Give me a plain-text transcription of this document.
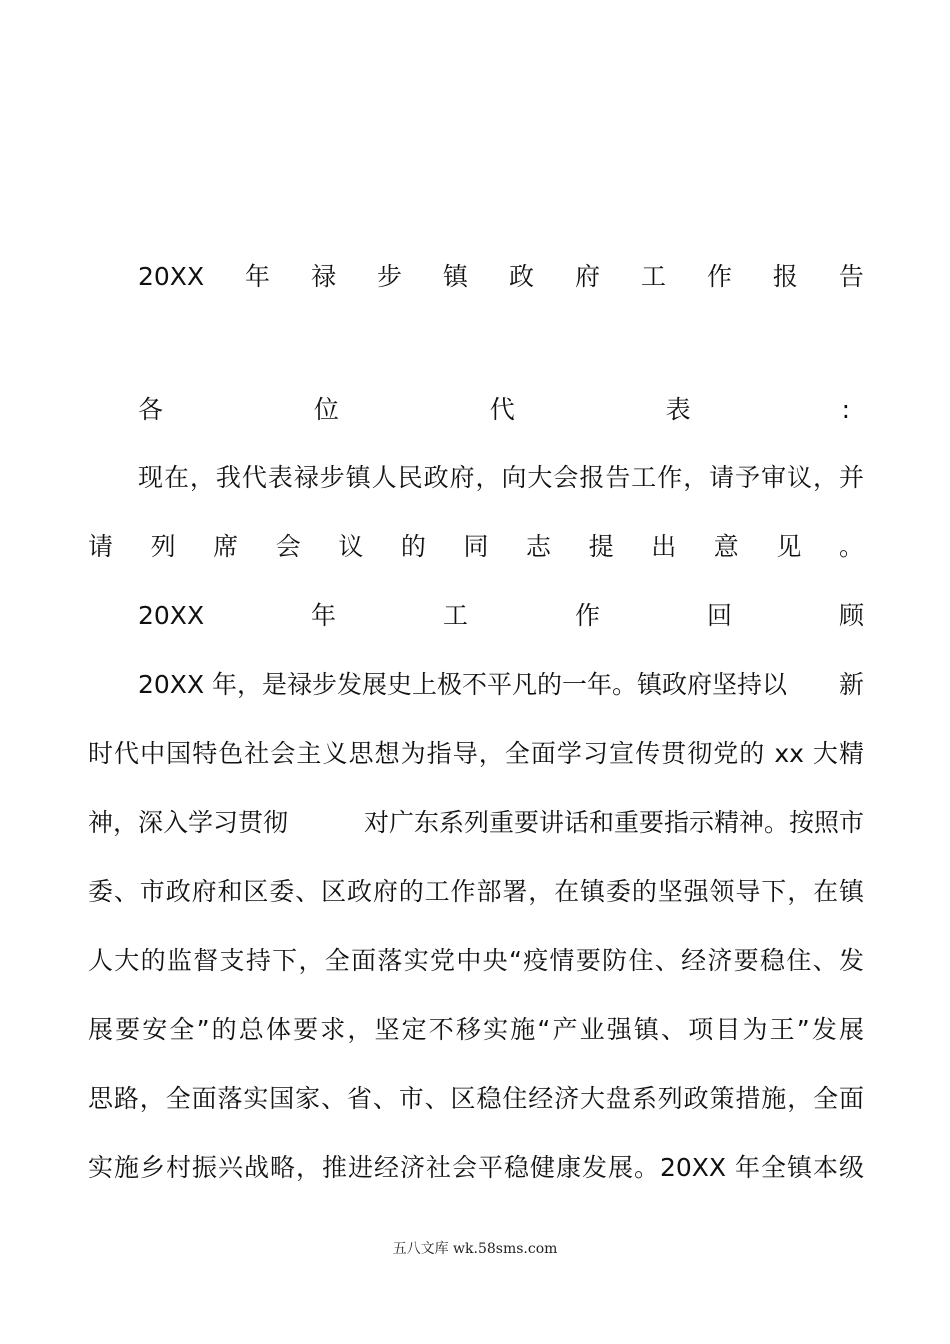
20XX 年 禄 步 镇 政 府 工 作 报 告
各	位	代	表	:
现在，我代表禄步镇人民政府，向大会报告工作，请予审议，并
请 列 席 会 议 的 同 志 提 出 意 见 。
20XX	年	工	作	回	顾
20XX 年，是禄步发展史上极不平凡的一年。镇政府坚持以 新
时代中国特色社会主义思想为指导，全面学习宣传贯彻党的 xx 大精
神，深入学习贯彻	对广东系列重要讲话和重要指示精神。按照市
委、市政府和区委、区政府的工作部署，在镇委的坚强领导下，在镇
人大的监督支持下，全面落实党中央“疫情要防住、经济要稳住、发
展要安全”的总体要求，坚定不移实施“产业强镇、项目为王”发展
思路，全面落实国家、省、市、区稳住经济大盘系列政策措施，全面
实施乡村振兴战略，推进经济社会平稳健康发展。20XX 年全镇本级
五八文库 wk.58sms.com
